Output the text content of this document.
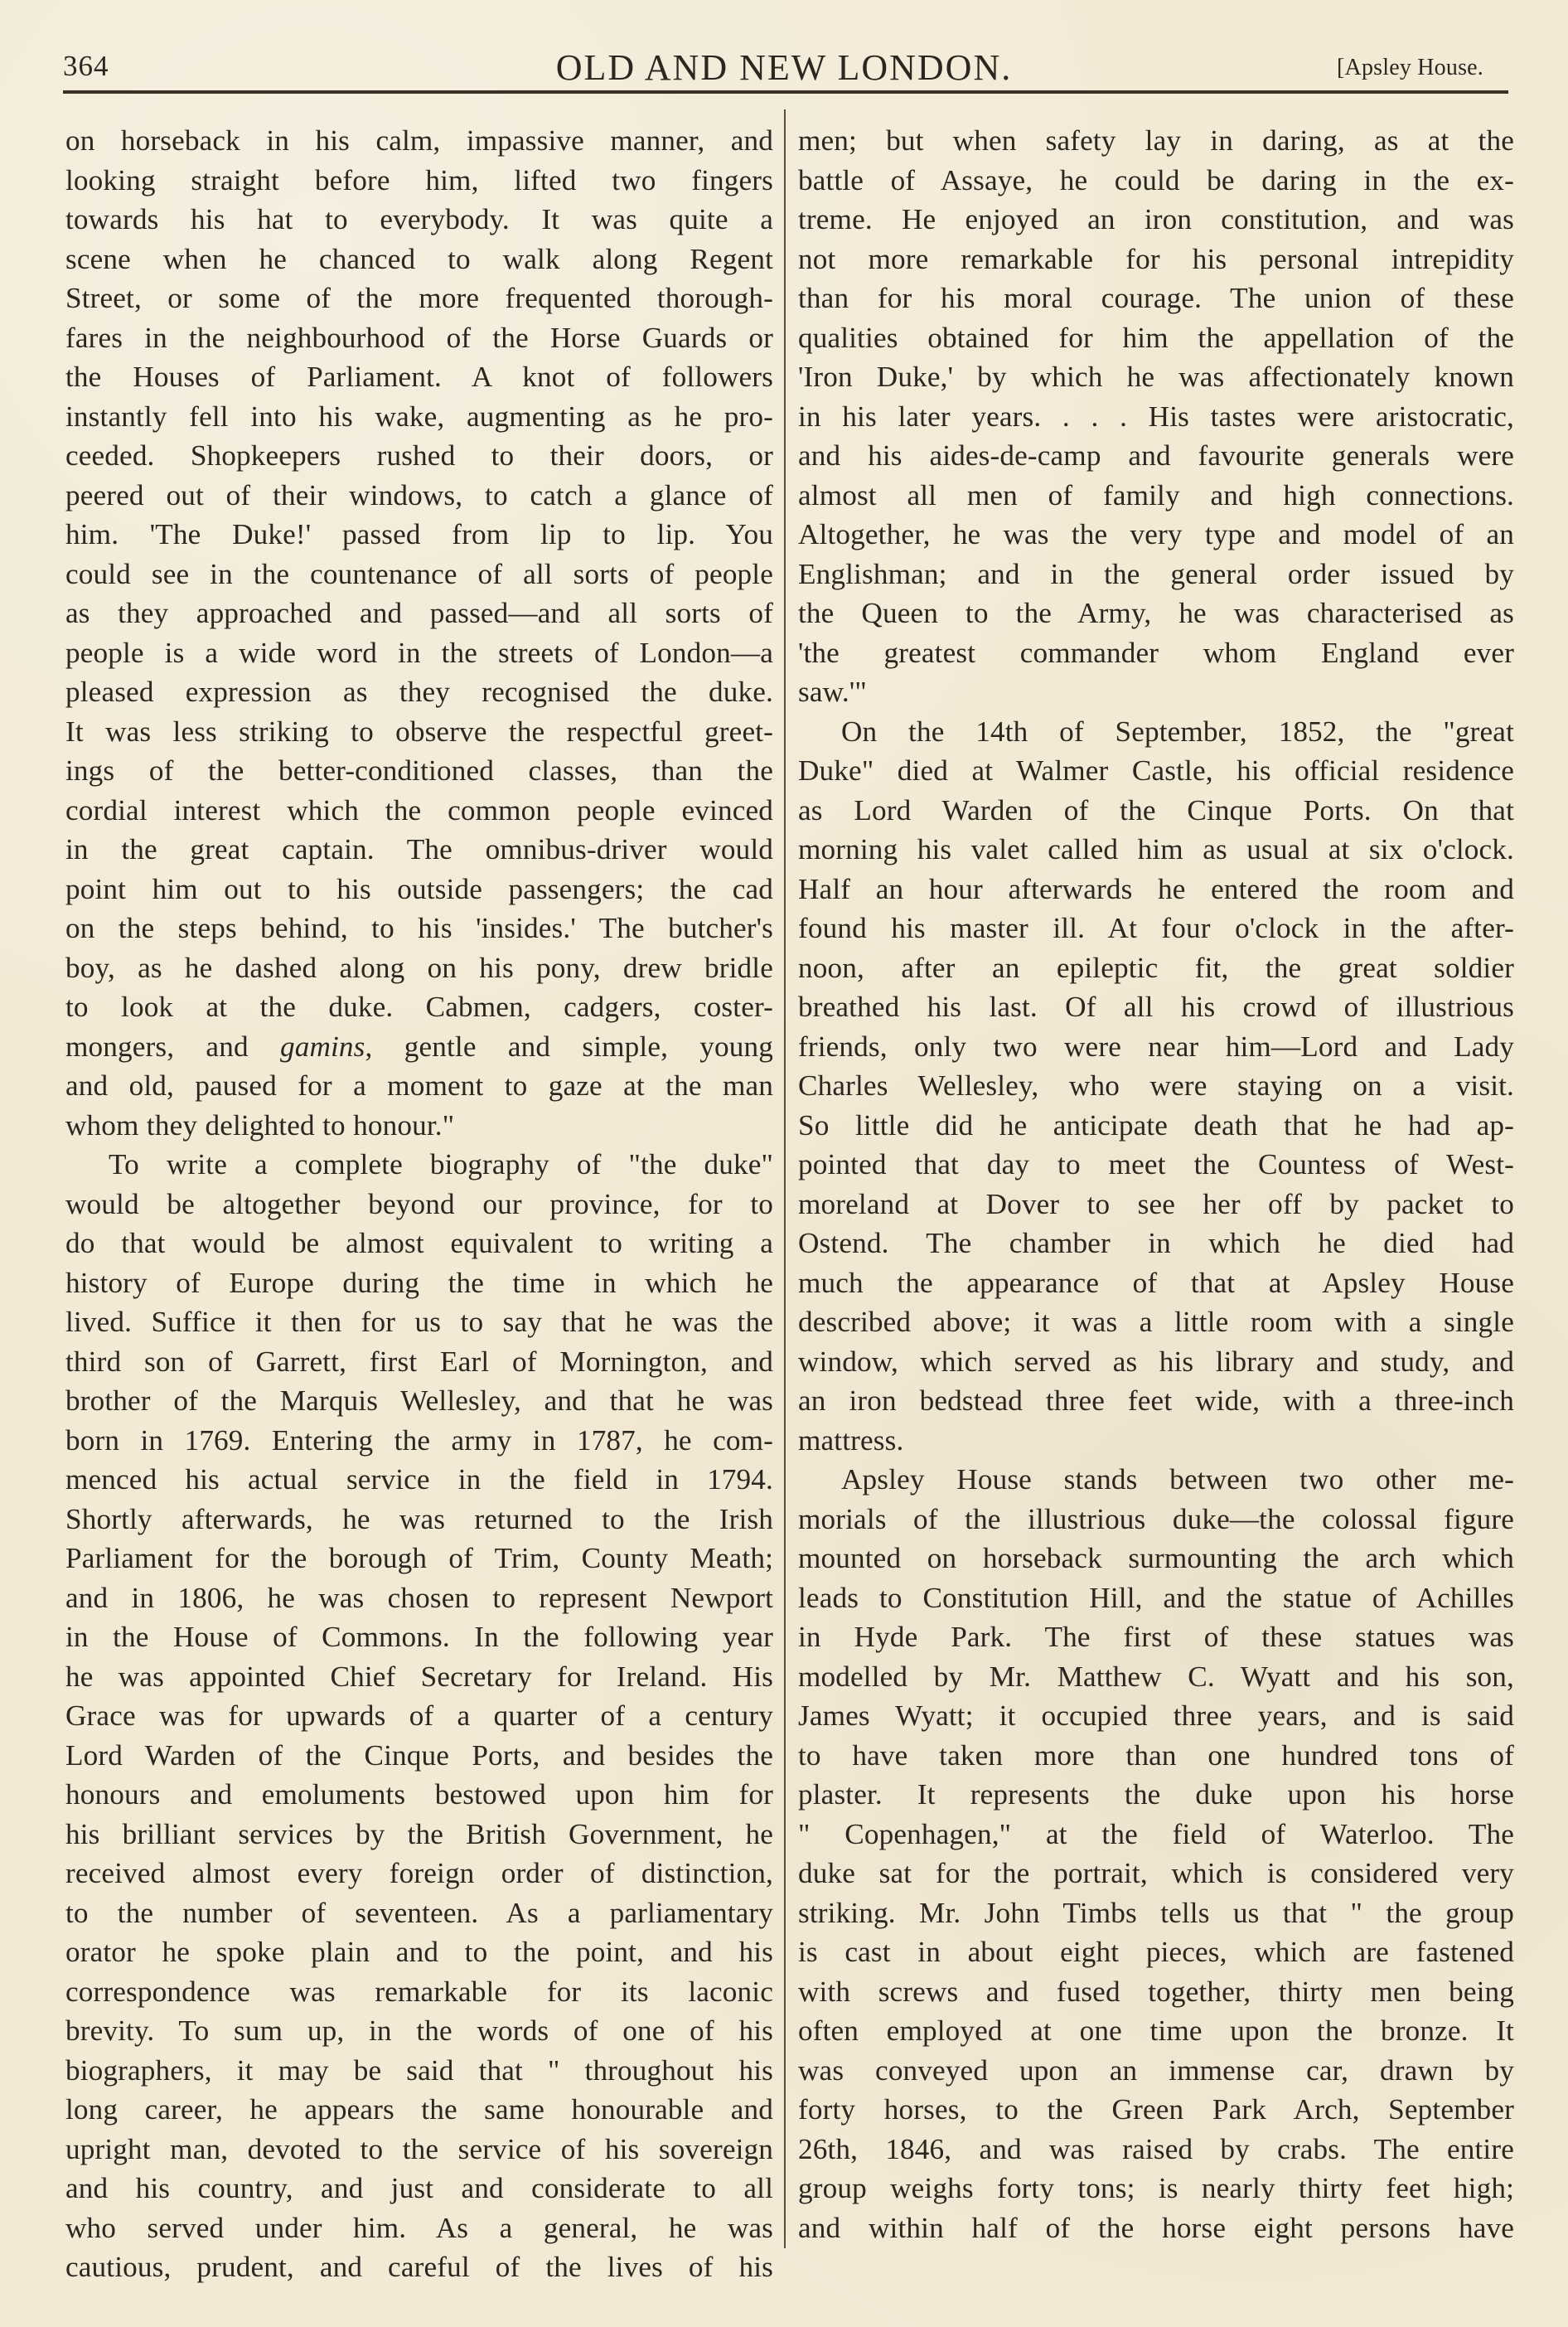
364	OLD AND NEW LONDON.	[Apsley House.
on horseback in his calm, impassive manner, and
looking straight before him, lifted two fingers
towards his hat to everybody. It was quite a
scene when he chanced to walk along Regent
Street, or some of the more frequented thorough-
fares in the neighbourhood of the Horse Guards or
the Houses of Parliament. A knot of followers
instantly fell into his wake, augmenting as he pro-
ceeded. Shopkeepers rushed to their doors, or
peered out of their windows, to catch a glance of
him. 'The Duke!' passed from lip to lip. You
could see in the countenance of all sorts of people
as they approached and passed—and all sorts of
people is a wide word in the streets of London—a
pleased expression as they recognised the duke.
It was less striking to observe the respectful greet-
ings of the better-conditioned classes, than the
cordial interest which the common people evinced
in the great captain. The omnibus-driver would
point him out to his outside passengers; the cad
on the steps behind, to his 'insides.' The butcher's
boy, as he dashed along on his pony, drew bridle
to look at the duke. Cabmen, cadgers, coster-
mongers, and gamins, gentle and simple, young
and old, paused for a moment to gaze at the man
whom they delighted to honour."
To write a complete biography of "the duke"
would be altogether beyond our province, for to
do that would be almost equivalent to writing a
history of Europe during the time in which he
lived. Suffice it then for us to say that he was the
third son of Garrett, first Earl of Mornington, and
brother of the Marquis Wellesley, and that he was
born in 1769. Entering the army in 1787, he com-
menced his actual service in the field in 1794.
Shortly afterwards, he was returned to the Irish
Parliament for the borough of Trim, County Meath;
and in 1806, he was chosen to represent Newport
in the House of Commons. In the following year
he was appointed Chief Secretary for Ireland. His
Grace was for upwards of a quarter of a century
Lord Warden of the Cinque Ports, and besides the
honours and emoluments bestowed upon him for
his brilliant services by the British Government, he
received almost every foreign order of distinction,
to the number of seventeen. As a parliamentary
orator he spoke plain and to the point, and his
correspondence was remarkable for its laconic
brevity. To sum up, in the words of one of his
biographers, it may be said that " throughout his
long career, he appears the same honourable and
upright man, devoted to the service of his sovereign
and his country, and just and considerate to all
who served under him. As a general, he was
cautious, prudent, and careful of the lives of his
men; but when safety lay in daring, as at the
battle of Assaye, he could be daring in the ex-
treme. He enjoyed an iron constitution, and was
not more remarkable for his personal intrepidity
than for his moral courage. The union of these
qualities obtained for him the appellation of the
'Iron Duke,' by which he was affectionately known
in his later years. . . . His tastes were aristocratic,
and his aides-de-camp and favourite generals were
almost all men of family and high connections.
Altogether, he was the very type and model of an
Englishman; and in the general order issued by
the Queen to the Army, he was characterised as
'the greatest commander whom England ever
saw.'"
On the 14th of September, 1852, the "great
Duke" died at Walmer Castle, his official residence
as Lord Warden of the Cinque Ports. On that
morning his valet called him as usual at six o'clock.
Half an hour afterwards he entered the room and
found his master ill. At four o'clock in the after-
noon, after an epileptic fit, the great soldier
breathed his last. Of all his crowd of illustrious
friends, only two were near him—Lord and Lady
Charles Wellesley, who were staying on a visit.
So little did he anticipate death that he had ap-
pointed that day to meet the Countess of West-
moreland at Dover to see her off by packet to
Ostend. The chamber in which he died had
much the appearance of that at Apsley House
described above; it was a little room with a single
window, which served as his library and study, and
an iron bedstead three feet wide, with a three-inch
mattress.
Apsley House stands between two other me-
morials of the illustrious duke—the colossal figure
mounted on horseback surmounting the arch which
leads to Constitution Hill, and the statue of Achilles
in Hyde Park. The first of these statues was
modelled by Mr. Matthew C. Wyatt and his son,
James Wyatt; it occupied three years, and is said
to have taken more than one hundred tons of
plaster. It represents the duke upon his horse
" Copenhagen," at the field of Waterloo. The
duke sat for the portrait, which is considered very
striking. Mr. John Timbs tells us that " the group
is cast in about eight pieces, which are fastened
with screws and fused together, thirty men being
often employed at one time upon the bronze. It
was conveyed upon an immense car, drawn by
forty horses, to the Green Park Arch, September
26th, 1846, and was raised by crabs. The entire
group weighs forty tons; is nearly thirty feet high;
and within half of the horse eight persons have
